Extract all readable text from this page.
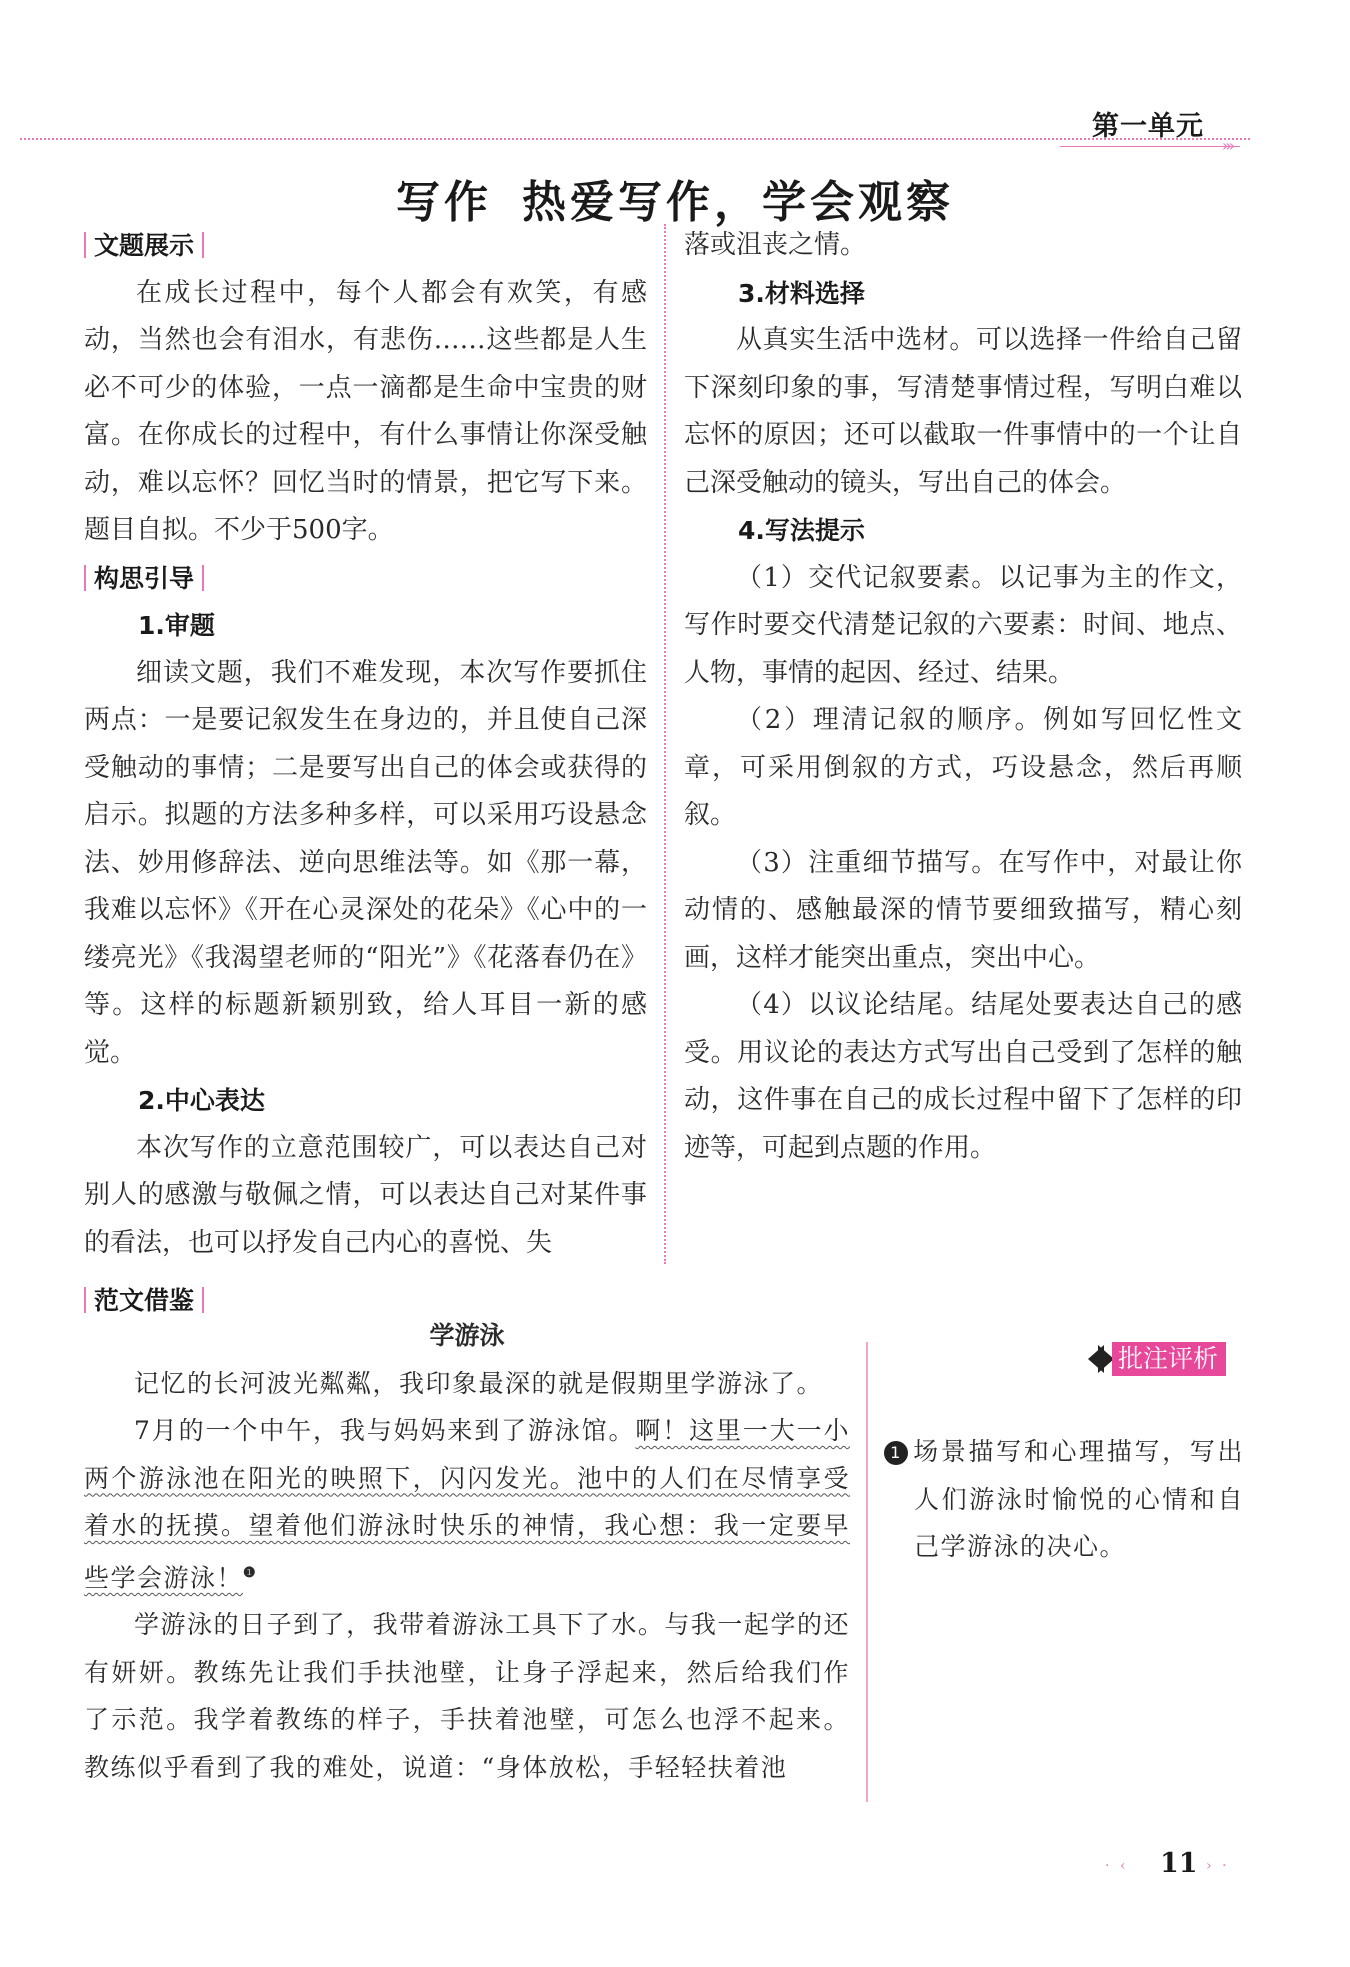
第一单元
›››
写作 热爱写作，学会观察
文题展示

在成长过程中，每个人都会有欢笑，有感动，当然也会有泪水，有悲伤……这些都是人生必不可少的体验，一点一滴都是生命中宝贵的财富。在你成长的过程中，有什么事情让你深受触动，难以忘怀？回忆当时的情景，把它写下来。题目自拟。不少于500字。

构思引导
1.审题

细读文题，我们不难发现，本次写作要抓住两点：一是要记叙发生在身边的，并且使自己深受触动的事情；二是要写出自己的体会或获得的启示。拟题的方法多种多样，可以采用巧设悬念法、妙用修辞法、逆向思维法等。如《那一幕，我难以忘怀》《开在心灵深处的花朵》《心中的一缕亮光》《我渴望老师的“阳光”》《花落春仍在》等。这样的标题新颖别致，给人耳目一新的感觉。

2.中心表达

本次写作的立意范围较广，可以表达自己对别人的感激与敬佩之情，可以表达自己对某件事的看法，也可以抒发自己内心的喜悦、失

落或沮丧之情。

3.材料选择

从真实生活中选材。可以选择一件给自己留下深刻印象的事，写清楚事情过程，写明白难以忘怀的原因；还可以截取一件事情中的一个让自己深受触动的镜头，写出自己的体会。

4.写法提示

（1）交代记叙要素。以记事为主的作文，写作时要交代清楚记叙的六要素：时间、地点、人物，事情的起因、经过、结果。

（2）理清记叙的顺序。例如写回忆性文章，可采用倒叙的方式，巧设悬念，然后再顺叙。

（3）注重细节描写。在写作中，对最让你动情的、感触最深的情节要细致描写，精心刻画，这样才能突出重点，突出中心。

（4）以议论结尾。结尾处要表达自己的感受。用议论的表达方式写出自己受到了怎样的触动，这件事在自己的成长过程中留下了怎样的印迹等，可起到点题的作用。

范文借鉴
学游泳

记忆的长河波光粼粼，我印象最深的就是假期里学游泳了。

7月的一个中午，我与妈妈来到了游泳馆。啊！这里一大一小两个游泳池在阳光的映照下，闪闪发光。池中的人们在尽情享受着水的抚摸。望着他们游泳时快乐的神情，我心想：我一定要早些学会游泳！$^❶$

学游泳的日子到了，我带着游泳工具下了水。与我一起学的还有妍妍。教练先让我们手扶池壁，让身子浮起来，然后给我们作了示范。我学着教练的样子，手扶着池壁，可怎么也浮不起来。教练似乎看到了我的难处，说道：“身体放松，手轻轻扶着池

批注评析

1 场景描写和心理描写，写出人们游泳时愉悦的心情和自己学游泳的决心。

· ‹ 11 › ·
